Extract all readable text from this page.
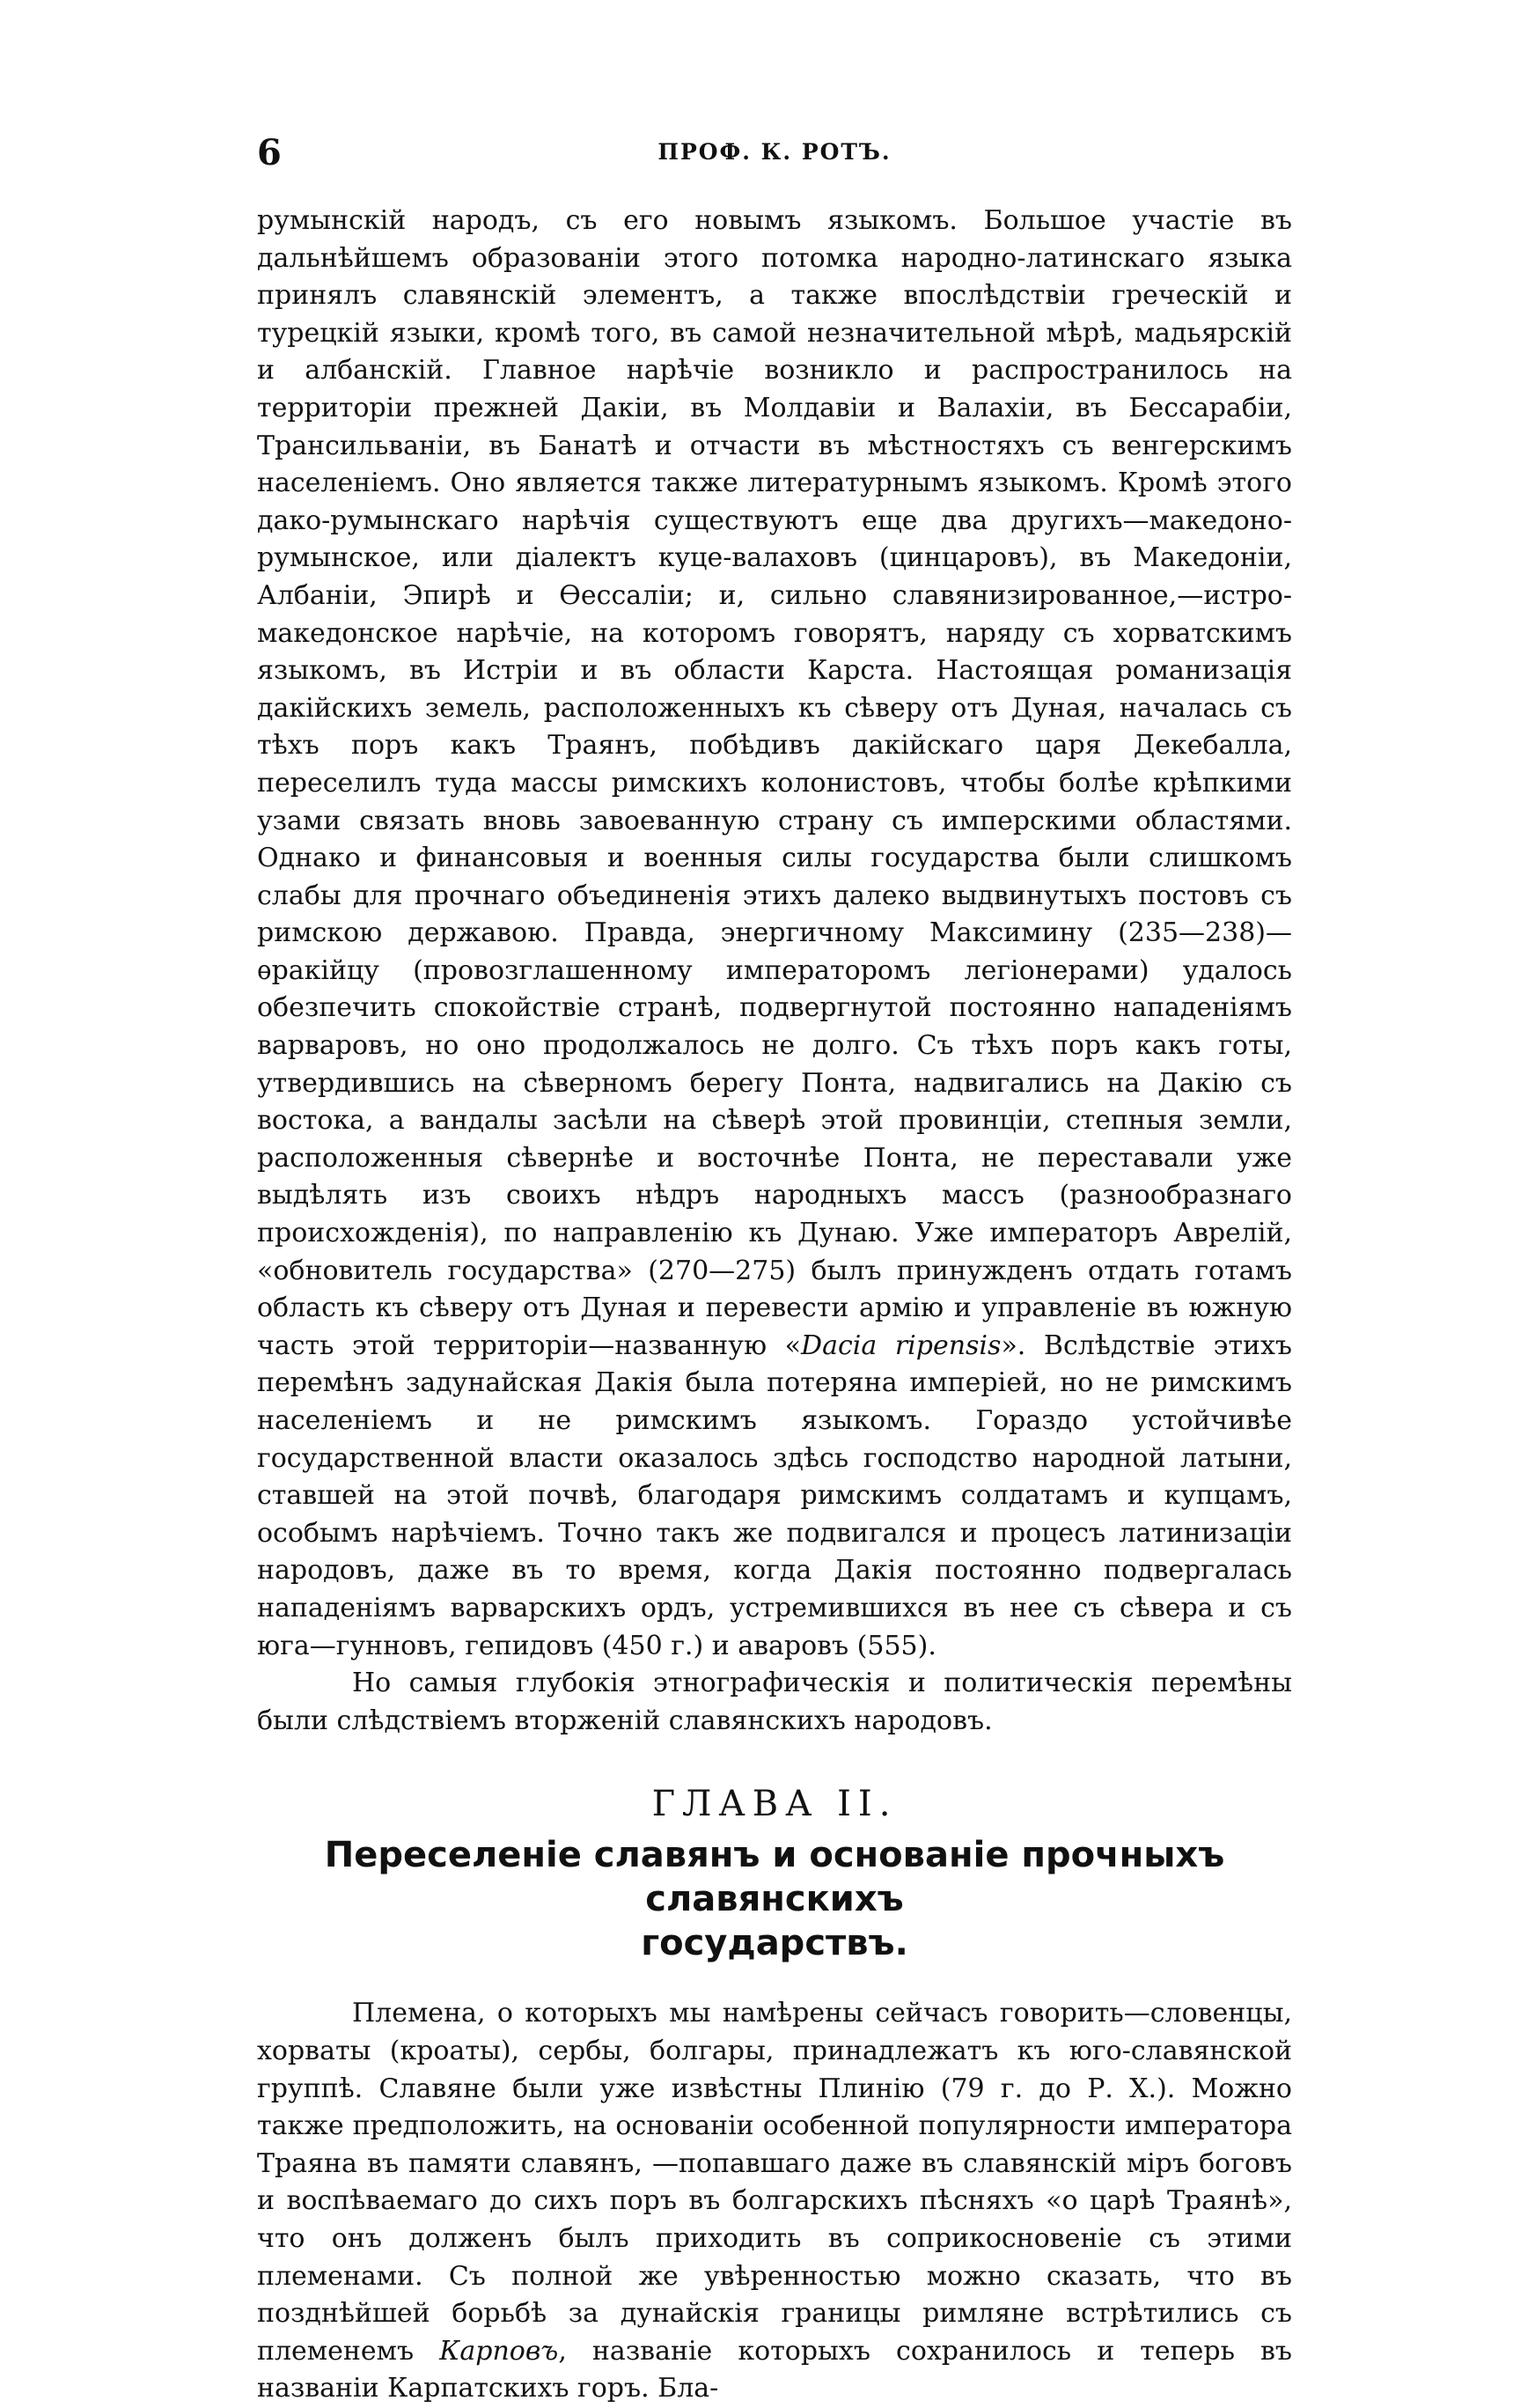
6	ПРОФ. К. РОТЪ.

румынскій народъ, съ его новымъ языкомъ. Большое участіе въ дальнѣйшемъ образованіи этого потомка народно-латинскаго языка принялъ славянскій элементъ, а также впослѣдствіи греческій и турецкій языки, кромѣ того, въ самой незначительной мѣрѣ, мадьярскій и албанскій. Главное нарѣчіе возникло и распространилось на территоріи прежней Дакіи, въ Молдавіи и Валахіи, въ Бессарабіи, Трансильваніи, въ Банатѣ и отчасти въ мѣстностяхъ съ венгерскимъ населеніемъ. Оно является также литературнымъ языкомъ. Кромѣ этого дако-румынскаго нарѣчія существуютъ еще два другихъ—македоно-румынское, или діалектъ куце-валаховъ (цинцаровъ), въ Македоніи, Албаніи, Эпирѣ и Ѳессаліи; и, сильно славянизированное,—истро-македонское нарѣчіе, на которомъ говорятъ, наряду съ хорватскимъ языкомъ, въ Истріи и въ области Карста. Настоящая романизація дакійскихъ земель, расположенныхъ къ сѣверу отъ Дуная, началась съ тѣхъ поръ какъ Траянъ, побѣдивъ дакійскаго царя Декебалла, переселилъ туда массы римскихъ колонистовъ, чтобы болѣе крѣпкими узами связать вновь завоеванную страну съ имперскими областями. Однако и финансовыя и военныя силы государства были слишкомъ слабы для прочнаго объединенія этихъ далеко выдвинутыхъ постовъ съ римскою державою. Правда, энергичному Максимину (235—238)—ѳракійцу (провозглашенному императоромъ легіонерами) удалось обезпечить спокойствіе странѣ, подвергнутой постоянно нападеніямъ варваровъ, но оно продолжалось не долго. Съ тѣхъ поръ какъ готы, утвердившись на сѣверномъ берегу Понта, надвигались на Дакію съ востока, а вандалы засѣли на сѣверѣ этой провинціи, степныя земли, расположенныя сѣвернѣе и восточнѣе Понта, не переставали уже выдѣлять изъ своихъ нѣдръ народныхъ массъ (разнообразнаго происхожденія), по направленію къ Дунаю. Уже императоръ Аврелій, «обновитель государства» (270—275) былъ принужденъ отдать готамъ область къ сѣверу отъ Дуная и перевести армію и управленіе въ южную часть этой территоріи—названную «Dacia ripensis». Вслѣдствіе этихъ перемѣнъ задунайская Дакія была потеряна имперіей, но не римскимъ населеніемъ и не римскимъ языкомъ. Гораздо устойчивѣе государственной власти оказалось здѣсь господство народной латыни, ставшей на этой почвѣ, благодаря римскимъ солдатамъ и купцамъ, особымъ нарѣчіемъ. Точно такъ же подвигался и процесъ латинизаціи народовъ, даже въ то время, когда Дакія постоянно подвергалась нападеніямъ варварскихъ ордъ, устремившихся въ нее съ сѣвера и съ юга—гунновъ, гепидовъ (450 г.) и аваровъ (555).

Но самыя глубокія этнографическія и политическія перемѣны были слѣдствіемъ вторженій славянскихъ народовъ.

ГЛАВА II.
Переселеніе славянъ и основаніе прочныхъ славянскихъ
государствъ.

Племена, о которыхъ мы намѣрены сейчасъ говорить—словенцы, хорваты (кроаты), сербы, болгары, принадлежатъ къ юго-славянской группѣ. Славяне были уже извѣстны Плинію (79 г. до Р. Х.). Можно также предположить, на основаніи особенной популярности императора Траяна въ памяти славянъ, —попавшаго даже въ славянскій міръ боговъ и воспѣваемаго до сихъ поръ въ болгарскихъ пѣсняхъ «о царѣ Траянѣ», что онъ долженъ былъ приходить въ соприкосновеніе съ этими племенами. Съ полной же увѣренностью можно сказать, что въ позднѣйшей борьбѣ за дунайскія границы римляне встрѣтились съ племенемъ Карповъ, названіе которыхъ сохранилось и теперь въ названіи Карпатскихъ горъ. Бла-
